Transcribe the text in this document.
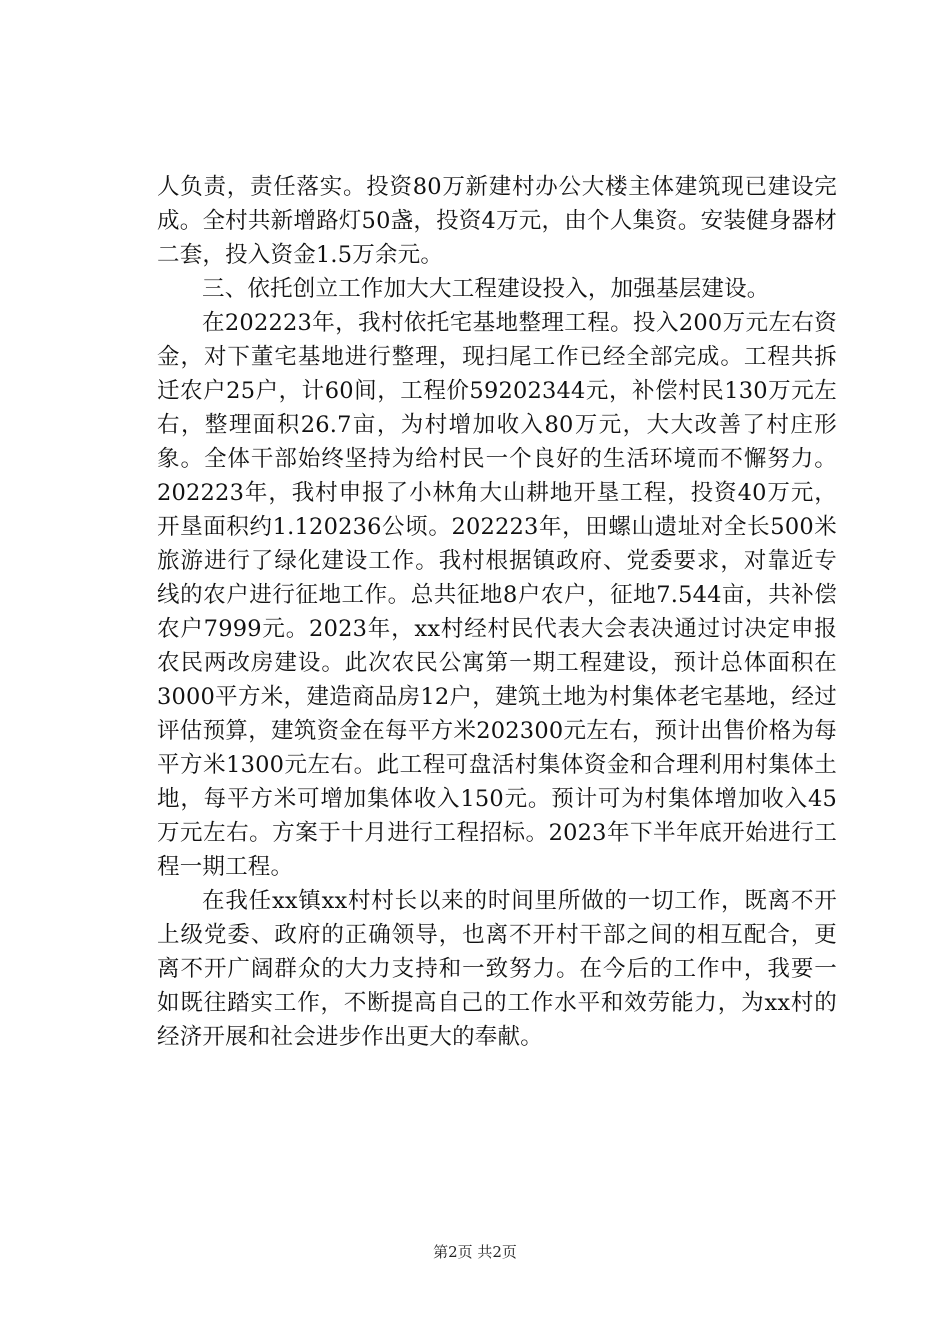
人负责，责任落实。投资80万新建村办公大楼主体建筑现已建设完成。全村共新增路灯50盏，投资4万元，由个人集资。安装健身器材二套，投入资金1.5万余元。

三、依托创立工作加大大工程建设投入，加强基层建设。

在202223年，我村依托宅基地整理工程。投入200万元左右资金，对下董宅基地进行整理，现扫尾工作已经全部完成。工程共拆迁农户25户，计60间，工程价59202344元，补偿村民130万元左右，整理面积26.7亩，为村增加收入80万元，大大改善了村庄形象。全体干部始终坚持为给村民一个良好的生活环境而不懈努力。202223年，我村申报了小林角大山耕地开垦工程，投资40万元，开垦面积约1.120236公顷。202223年，田螺山遗址对全长500米旅游进行了绿化建设工作。我村根据镇政府、党委要求，对靠近专线的农户进行征地工作。总共征地8户农户，征地7.544亩，共补偿农户7999元。2023年，xx村经村民代表大会表决通过讨决定申报农民两改房建设。此次农民公寓第一期工程建设，预计总体面积在3000平方米，建造商品房12户，建筑土地为村集体老宅基地，经过评估预算，建筑资金在每平方米202300元左右，预计出售价格为每平方米1300元左右。此工程可盘活村集体资金和合理利用村集体土地，每平方米可增加集体收入150元。预计可为村集体增加收入45万元左右。方案于十月进行工程招标。2023年下半年底开始进行工程一期工程。

在我任xx镇xx村村长以来的时间里所做的一切工作，既离不开上级党委、政府的正确领导，也离不开村干部之间的相互配合，更离不开广阔群众的大力支持和一致努力。在今后的工作中，我要一如既往踏实工作，不断提高自己的工作水平和效劳能力，为xx村的经济开展和社会进步作出更大的奉献。

第2页 共2页
